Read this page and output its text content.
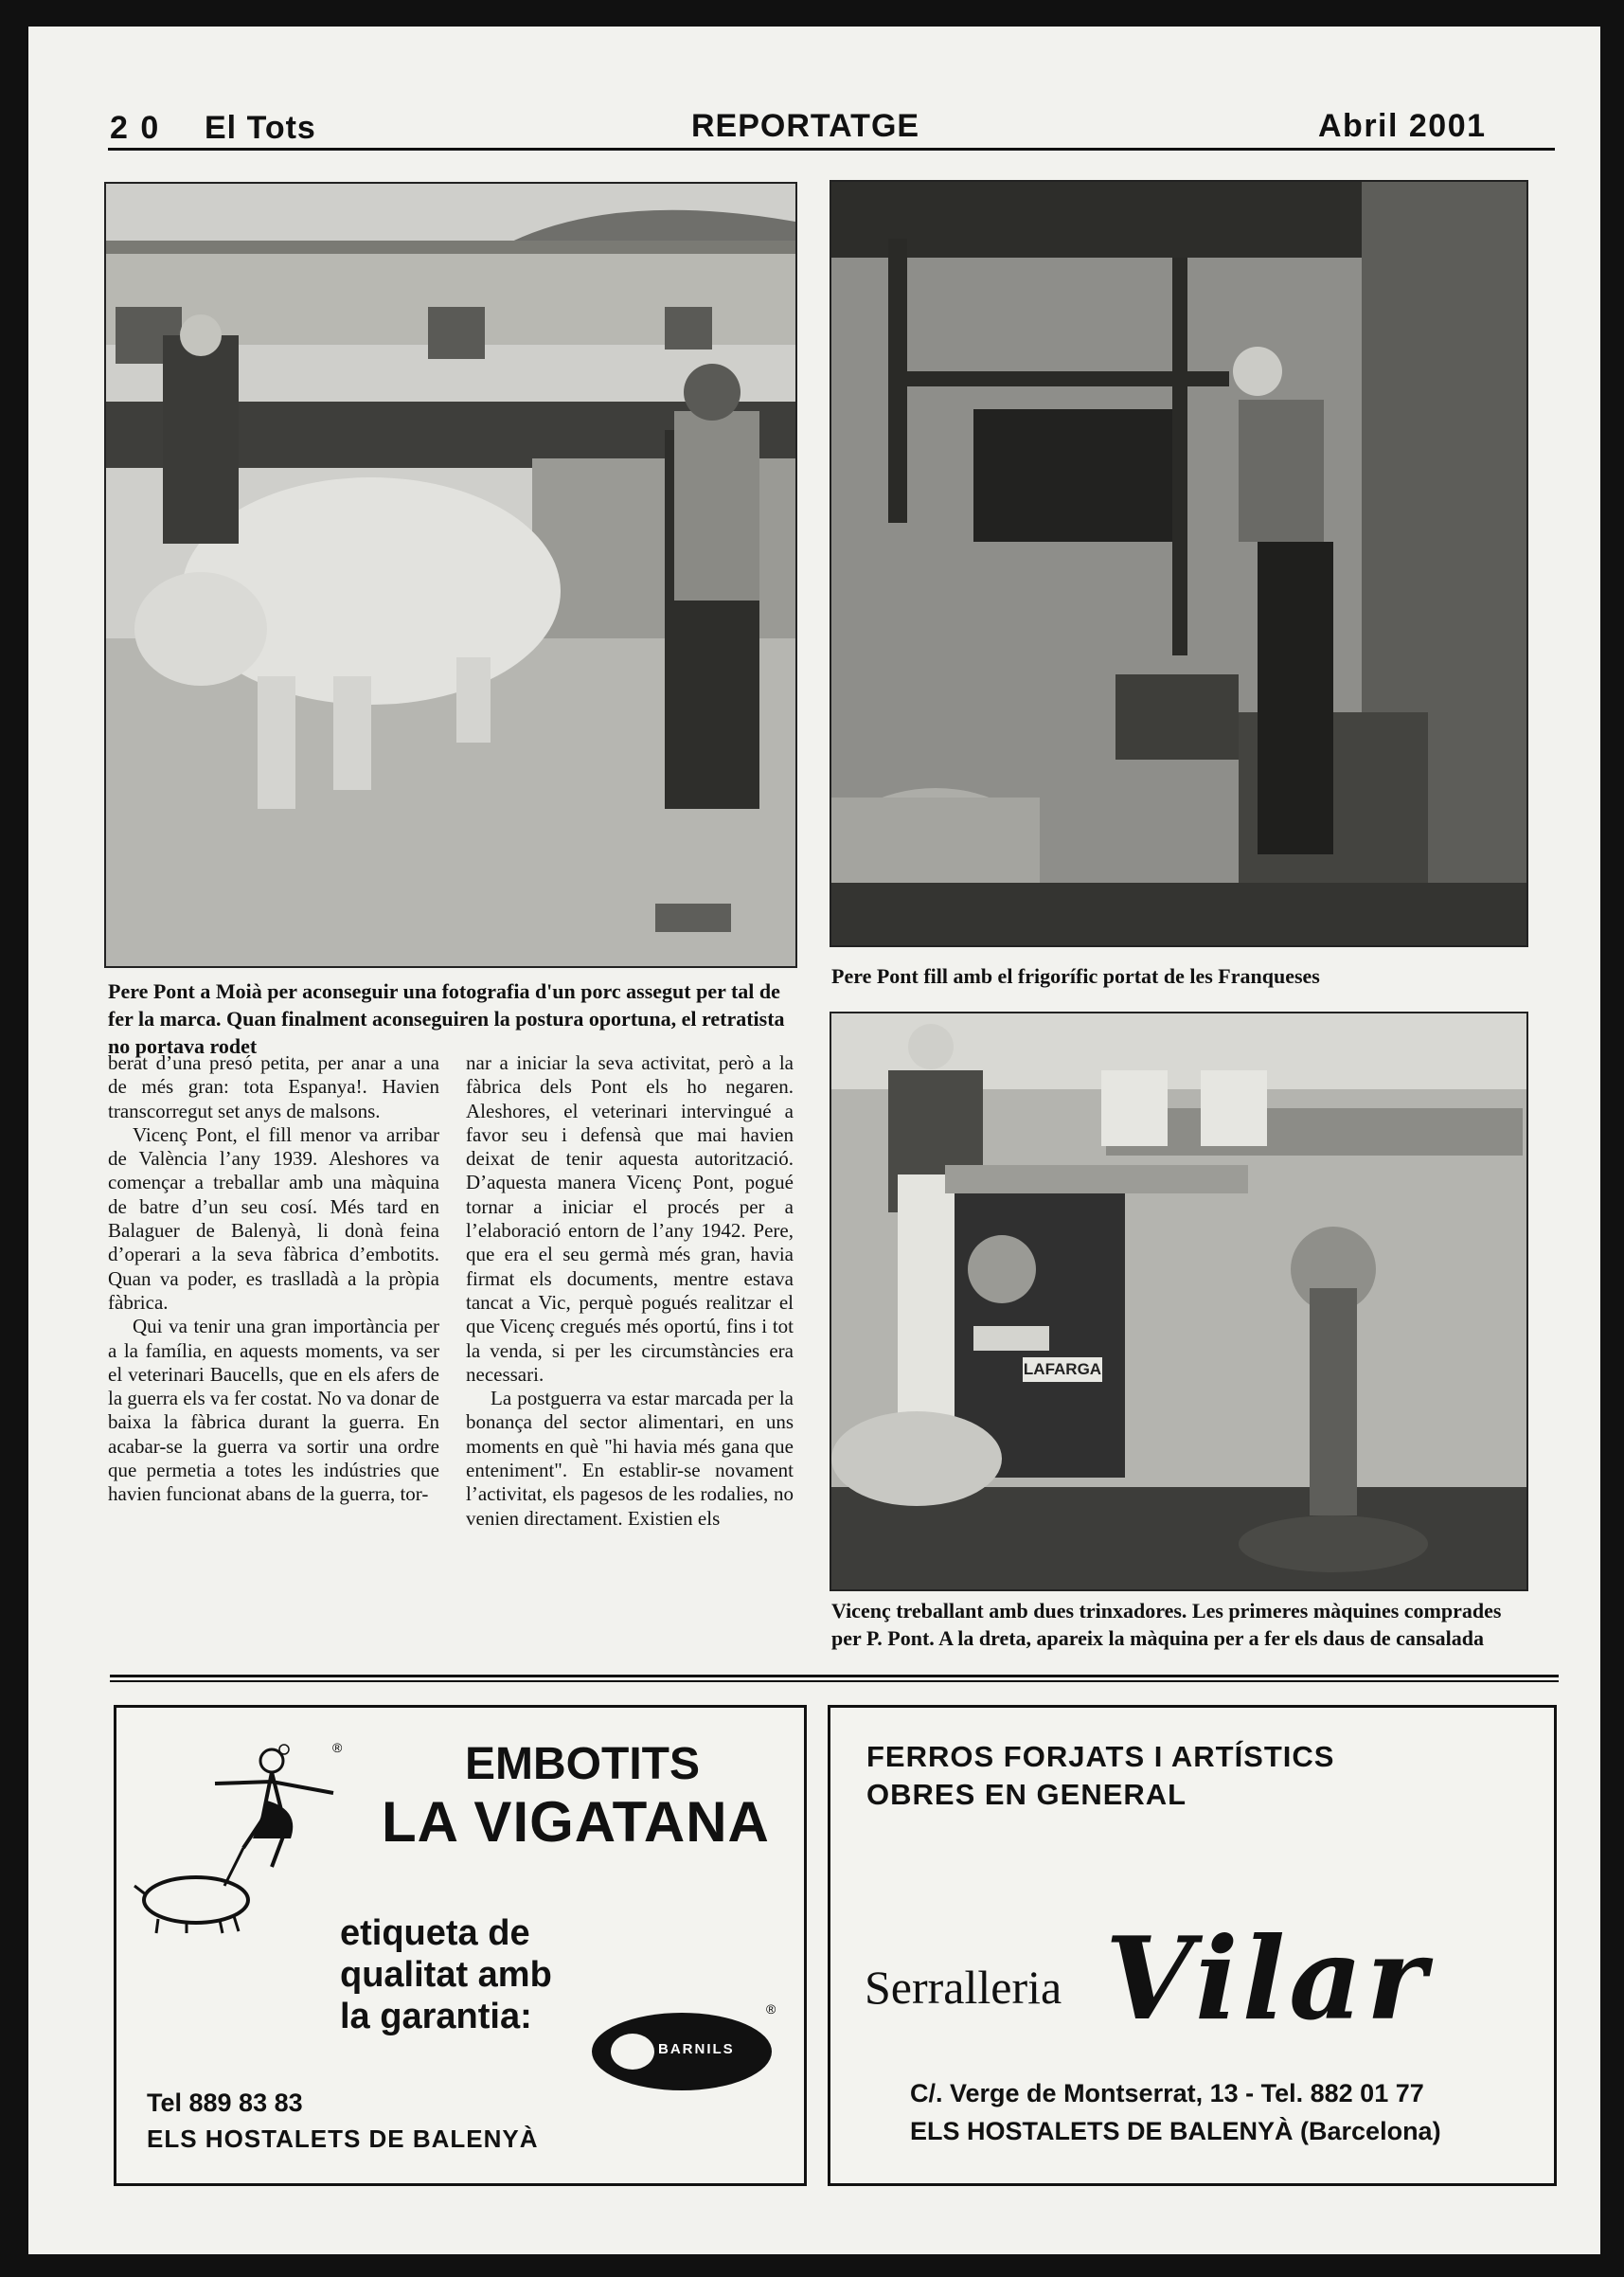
2 0 El Tots	REPORTATGE	Abril 2001
Pere Pont fill amb el frigorífic portat de les Franqueses
Pere Pont a Moià per aconseguir una fotografia d'un porc assegut per tal de fer la marca. Quan finalment aconseguiren la postura oportuna, el retratista no portava rodet
LAFARGA
Vicenç treballant amb dues trinxadores. Les primeres màquines comprades per P. Pont. A la dreta, apareix la màquina per a fer els daus de cansalada

berat d’una presó petita, per anar a una de més gran: tota Espanya!. Havien transcorregut set anys de malsons.

Vicenç Pont, el fill menor va arribar de València l’any 1939. Aleshores va començar a treballar amb una màquina de batre d’un seu cosí. Més tard en Balaguer de Balenyà, li donà feina d’operari a la seva fàbrica d’embotits. Quan va poder, es traslladà a la pròpia fàbrica.

Qui va tenir una gran importància per a la família, en aquests moments, va ser el veterinari Baucells, que en els afers de la guerra els va fer costat. No va donar de baixa la fàbrica durant la guerra. En acabar-se la guerra va sortir una ordre que permetia a totes les indústries que havien funcionat abans de la guerra, tor-

nar a iniciar la seva activitat, però a la fàbrica dels Pont els ho negaren. Aleshores, el veterinari intervingué a favor seu i defensà que mai havien deixat de tenir aquesta autorització. D’aquesta manera Vicenç Pont, pogué tornar a iniciar el procés per a l’elaboració entorn de l’any 1942. Pere, que era el seu germà més gran, havia firmat els documents, mentre estava tancat a Vic, perquè pogués realitzar el que Vicenç cregués més oportú, fins i tot la venda, si per les circumstàncies era necessari.

La postguerra va estar marcada per la bonança del sector alimentari, en uns moments en què "hi havia més gana que enteniment". En establir-se novament l’activitat, els pagesos de les rodalies, no venien directament. Existien els

®	EMBOTITS
LA VIGATANA
etiqueta de
qualitat amb
la garantia:
BARNILS
®
Tel 889 83 83
ELS HOSTALETS DE BALENYÀ
FERROS FORJATS I ARTÍSTICS
OBRES EN GENERAL
Serralleria Vilar
C/. Verge de Montserrat, 13 - Tel. 882 01 77
ELS HOSTALETS DE BALENYÀ (Barcelona)
